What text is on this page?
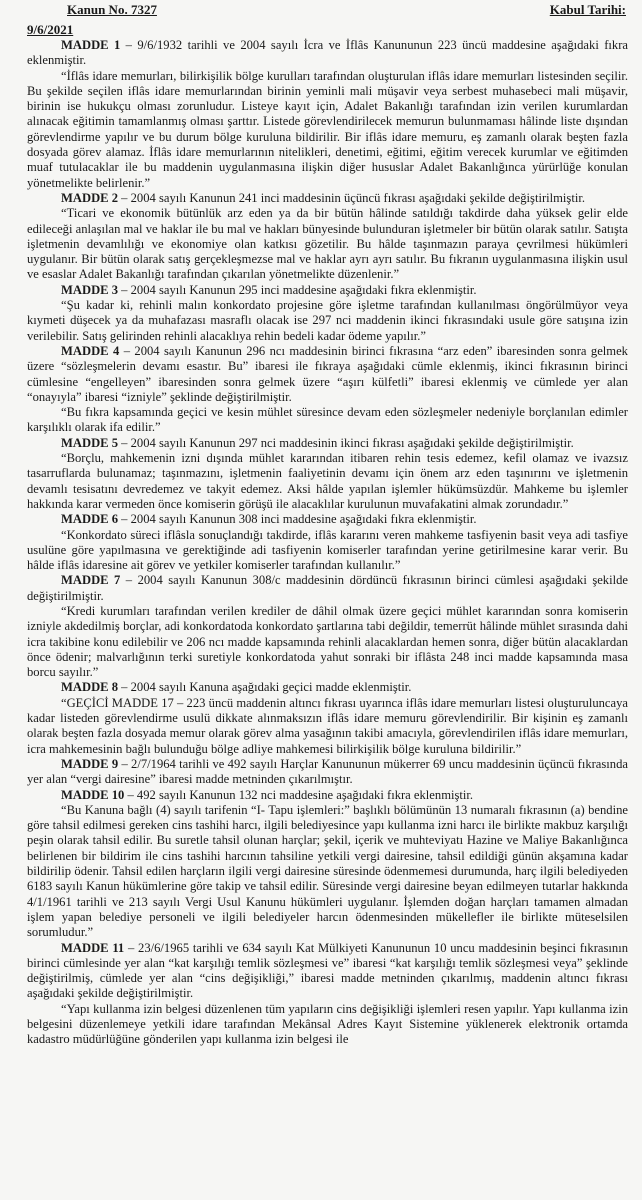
Kanun No. 7327	Kabul Tarihi:
9/6/2021

MADDE 1 – 9/6/1932 tarihli ve 2004 sayılı İcra ve İflâs Kanununun 223 üncü maddesine aşağıdaki fıkra eklenmiştir.

“İflâs idare memurları, bilirkişilik bölge kurulları tarafından oluşturulan iflâs idare memurları listesinden seçilir. Bu şekilde seçilen iflâs idare memurlarından birinin yeminli mali müşavir veya serbest muhasebeci mali müşavir, birinin ise hukukçu olması zorunludur. Listeye kayıt için, Adalet Bakanlığı tarafından izin verilen kurumlardan alınacak eğitimin tamamlanmış olması şarttır. Listede görevlendirilecek memurun bulunmaması hâlinde liste dışından görevlendirme yapılır ve bu durum bölge kuruluna bildirilir. Bir iflâs idare memuru, eş zamanlı olarak beşten fazla dosyada görev alamaz. İflâs idare memurlarının nitelikleri, denetimi, eğitimi, eğitim verecek kurumlar ve eğitimden muaf tutulacaklar ile bu maddenin uygulanmasına ilişkin diğer hususlar Adalet Bakanlığınca yürürlüğe konulan yönetmelikte belirlenir.”

MADDE 2 – 2004 sayılı Kanunun 241 inci maddesinin üçüncü fıkrası aşağıdaki şekilde değiştirilmiştir.

“Ticari ve ekonomik bütünlük arz eden ya da bir bütün hâlinde satıldığı takdirde daha yüksek gelir elde edileceği anlaşılan mal ve haklar ile bu mal ve hakları bünyesinde bulunduran işletmeler bir bütün olarak satılır. Satışta işletmenin devamlılığı ve ekonomiye olan katkısı gözetilir. Bu hâlde taşınmazın paraya çevrilmesi hükümleri uygulanır. Bir bütün olarak satış gerçekleşmezse mal ve haklar ayrı ayrı satılır. Bu fıkranın uygulanmasına ilişkin usul ve esaslar Adalet Bakanlığı tarafından çıkarılan yönetmelikte düzenlenir.”

MADDE 3 – 2004 sayılı Kanunun 295 inci maddesine aşağıdaki fıkra eklenmiştir.

“Şu kadar ki, rehinli malın konkordato projesine göre işletme tarafından kullanılması öngörülmüyor veya kıymeti düşecek ya da muhafazası masraflı olacak ise 297 nci maddenin ikinci fıkrasındaki usule göre satışına izin verilebilir. Satış gelirinden rehinli alacaklıya rehin bedeli kadar ödeme yapılır.”

MADDE 4 – 2004 sayılı Kanunun 296 ncı maddesinin birinci fıkrasına “arz eden” ibaresinden sonra gelmek üzere “sözleşmelerin devamı esastır. Bu” ibaresi ile fıkraya aşağıdaki cümle eklenmiş, ikinci fıkrasının birinci cümlesine “engelleyen” ibaresinden sonra gelmek üzere “aşırı külfetli” ibaresi eklenmiş ve cümlede yer alan “onayıyla” ibaresi “izniyle” şeklinde değiştirilmiştir.

“Bu fıkra kapsamında geçici ve kesin mühlet süresince devam eden sözleşmeler nedeniyle borçlanılan edimler karşılıklı olarak ifa edilir.”

MADDE 5 – 2004 sayılı Kanunun 297 nci maddesinin ikinci fıkrası aşağıdaki şekilde değiştirilmiştir.

“Borçlu, mahkemenin izni dışında mühlet kararından itibaren rehin tesis edemez, kefil olamaz ve ivazsız tasarruflarda bulunamaz; taşınmazını, işletmenin faaliyetinin devamı için önem arz eden taşınırını ve işletmenin devamlı tesisatını devredemez ve takyit edemez. Aksi hâlde yapılan işlemler hükümsüzdür. Mahkeme bu işlemler hakkında karar vermeden önce komiserin görüşü ile alacaklılar kurulunun muvafakatini almak zorundadır.”

MADDE 6 – 2004 sayılı Kanunun 308 inci maddesine aşağıdaki fıkra eklenmiştir.

“Konkordato süreci iflâsla sonuçlandığı takdirde, iflâs kararını veren mahkeme tasfiyenin basit veya adi tasfiye usulüne göre yapılmasına ve gerektiğinde adi tasfiyenin komiserler tarafından yerine getirilmesine karar verir. Bu hâlde iflâs idaresine ait görev ve yetkiler komiserler tarafından kullanılır.”

MADDE 7 – 2004 sayılı Kanunun 308/c maddesinin dördüncü fıkrasının birinci cümlesi aşağıdaki şekilde değiştirilmiştir.

“Kredi kurumları tarafından verilen krediler de dâhil olmak üzere geçici mühlet kararından sonra komiserin izniyle akdedilmiş borçlar, adi konkordatoda konkordato şartlarına tabi değildir, temerrüt hâlinde mühlet sırasında dahi icra takibine konu edilebilir ve 206 ncı madde kapsamında rehinli alacaklardan hemen sonra, diğer bütün alacaklardan önce ödenir; malvarlığının terki suretiyle konkordatoda yahut sonraki bir iflâsta 248 inci madde kapsamında masa borcu sayılır.”

MADDE 8 – 2004 sayılı Kanuna aşağıdaki geçici madde eklenmiştir.

“GEÇİCİ MADDE 17 – 223 üncü maddenin altıncı fıkrası uyarınca iflâs idare memurları listesi oluşturuluncaya kadar listeden görevlendirme usulü dikkate alınmaksızın iflâs idare memuru görevlendirilir. Bir kişinin eş zamanlı olarak beşten fazla dosyada memur olarak görev alma yasağının takibi amacıyla, görevlendirilen iflâs idare memurları, icra mahkemesinin bağlı bulunduğu bölge adliye mahkemesi bilirkişilik bölge kuruluna bildirilir.”

MADDE 9 – 2/7/1964 tarihli ve 492 sayılı Harçlar Kanununun mükerrer 69 uncu maddesinin üçüncü fıkrasında yer alan “vergi dairesine” ibaresi madde metninden çıkarılmıştır.

MADDE 10 – 492 sayılı Kanunun 132 nci maddesine aşağıdaki fıkra eklenmiştir.

“Bu Kanuna bağlı (4) sayılı tarifenin “I- Tapu işlemleri:” başlıklı bölümünün 13 numaralı fıkrasının (a) bendine göre tahsil edilmesi gereken cins tashihi harcı, ilgili belediyesince yapı kullanma izni harcı ile birlikte makbuz karşılığı peşin olarak tahsil edilir. Bu suretle tahsil olunan harçlar; şekil, içerik ve muhteviyatı Hazine ve Maliye Bakanlığınca belirlenen bir bildirim ile cins tashihi harcının tahsiline yetkili vergi dairesine, tahsil edildiği günün akşamına kadar bildirilip ödenir. Tahsil edilen harçların ilgili vergi dairesine süresinde ödenmemesi durumunda, harç ilgili belediyeden 6183 sayılı Kanun hükümlerine göre takip ve tahsil edilir. Süresinde vergi dairesine beyan edilmeyen tutarlar hakkında 4/1/1961 tarihli ve 213 sayılı Vergi Usul Kanunu hükümleri uygulanır. İşlemden doğan harçları tamamen almadan işlem yapan belediye personeli ve ilgili belediyeler harcın ödenmesinden mükellefler ile birlikte müteselsilen sorumludur.”

MADDE 11 – 23/6/1965 tarihli ve 634 sayılı Kat Mülkiyeti Kanununun 10 uncu maddesinin beşinci fıkrasının birinci cümlesinde yer alan “kat karşılığı temlik sözleşmesi ve” ibaresi “kat karşılığı temlik sözleşmesi veya” şeklinde değiştirilmiş, cümlede yer alan “cins değişikliği,” ibaresi madde metninden çıkarılmış, maddenin altıncı fıkrası aşağıdaki şekilde değiştirilmiştir.

“Yapı kullanma izin belgesi düzenlenen tüm yapıların cins değişikliği işlemleri resen yapılır. Yapı kullanma izin belgesini düzenlemeye yetkili idare tarafından Mekânsal Adres Kayıt Sistemine yüklenerek elektronik ortamda kadastro müdürlüğüne gönderilen yapı kullanma izin belgesi ile
